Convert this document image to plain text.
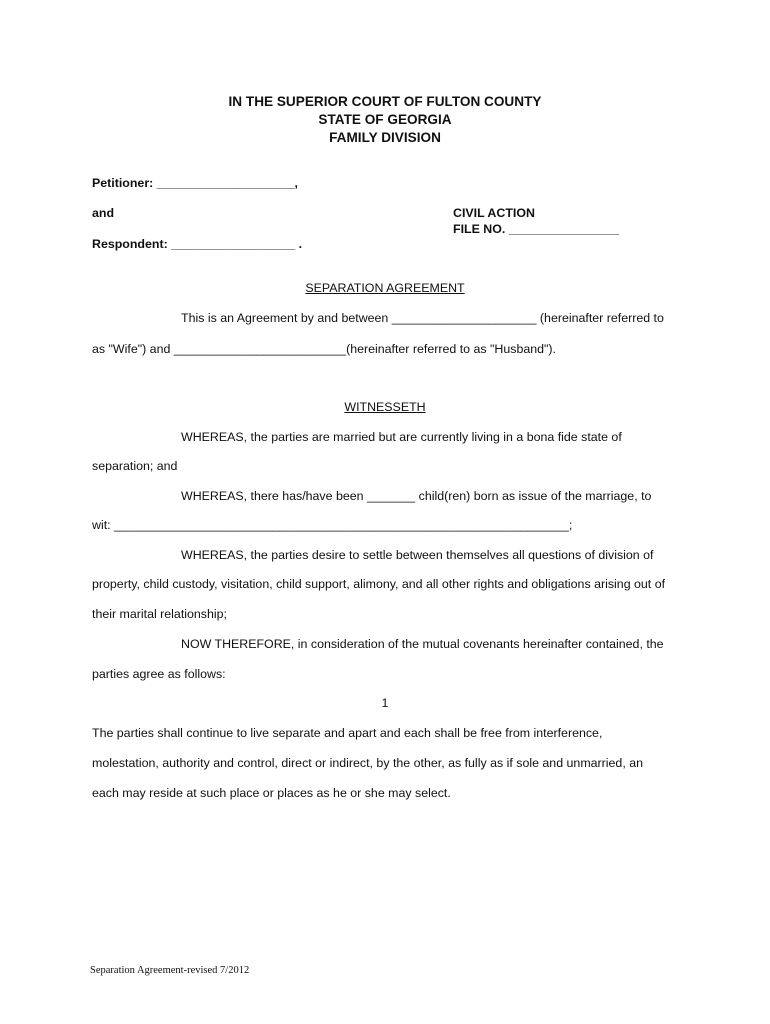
IN THE SUPERIOR COURT OF FULTON COUNTY
STATE OF GEORGIA
FAMILY DIVISION
Petitioner: ____________________,
and	CIVIL ACTION
FILE NO. ________________
Respondent: __________________ .
SEPARATION AGREEMENT
This is an Agreement by and between _____________________ (hereinafter referred to
as "Wife") and _________________________(hereinafter referred to as "Husband").
WITNESSETH
WHEREAS, the parties are married but are currently living in a bona fide state of
separation; and
WHEREAS, there has/have been _______ child(ren) born as issue of the marriage, to
wit: __________________________________________________________________;
WHEREAS, the parties desire to settle between themselves all questions of division of
property, child custody, visitation, child support, alimony, and all other rights and obligations arising out of
their marital relationship;
NOW THEREFORE, in consideration of the mutual covenants hereinafter contained, the
parties agree as follows:
1
The parties shall continue to live separate and apart and each shall be free from interference,
molestation, authority and control, direct or indirect, by the other, as fully as if sole and unmarried, an
each may reside at such place or places as he or she may select.
Separation Agreement-revised 7/2012
